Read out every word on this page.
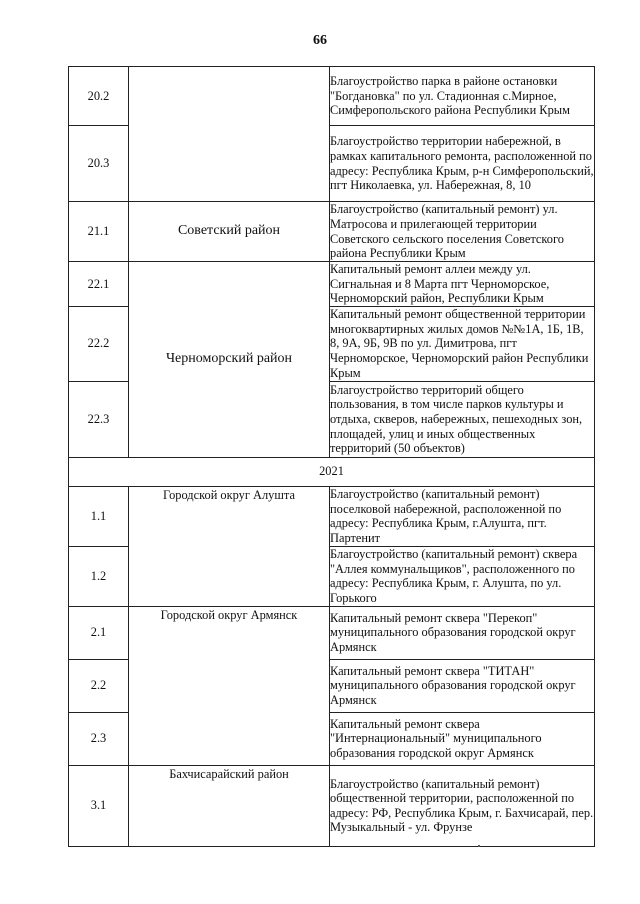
66
20.2		Благоустройство парка в районе остановки "Богдановка" по ул. Стадионная с.Мирное, Симферопольского района Республики Крым
20.3		Благоустройство территории набережной, в рамках капитального ремонта, расположенной по адресу: Республика Крым, р-н Симферопольский, пгт Николаевка, ул. Набережная, 8, 10
21.1	Советский район	Благоустройство (капитальный ремонт) ул. Матросова и прилегающей территории Советского сельского поселения Советского района Республики Крым
22.1	Черноморский район	Капитальный ремонт аллеи между ул. Сигнальная и 8 Марта пгт Черноморское, Черноморский район, Республики Крым
22.2		Капитальный ремонт общественной территории многоквартирных жилых домов №№1А, 1Б, 1В, 8, 9А, 9Б, 9В по ул. Димитрова, пгт Черноморское, Черноморский район Республики Крым
22.3		Благоустройство территорий общего пользования, в том числе парков культуры и отдыха, скверов, набережных, пешеходных зон, площадей, улиц и иных общественных территорий (50 объектов)
2021		
1.1	Городской округ Алушта	Благоустройство (капитальный ремонт) поселковой набережной, расположенной по адресу: Республика Крым, г.Алушта, пгт. Партенит
1.2		Благоустройство (капитальный ремонт) сквера "Аллея коммунальщиков", расположенного по адресу: Республика Крым, г. Алушта, по ул. Горького
2.1	Городской округ Армянск	Капитальный ремонт сквера "Перекоп" муниципального образования городской округ Армянск
2.2		Капитальный ремонт сквера "ТИТАН" муниципального образования городской округ Армянск
2.3		Капитальный ремонт сквера "Интернациональный" муниципального образования городской округ Армянск
3.1	Бахчисарайский район	Благоустройство (капитальный ремонт) общественной территории, расположенной по адресу: РФ, Республика Крым, г. Бахчисарай, пер. Музыкальный - ул. Фрунзе
